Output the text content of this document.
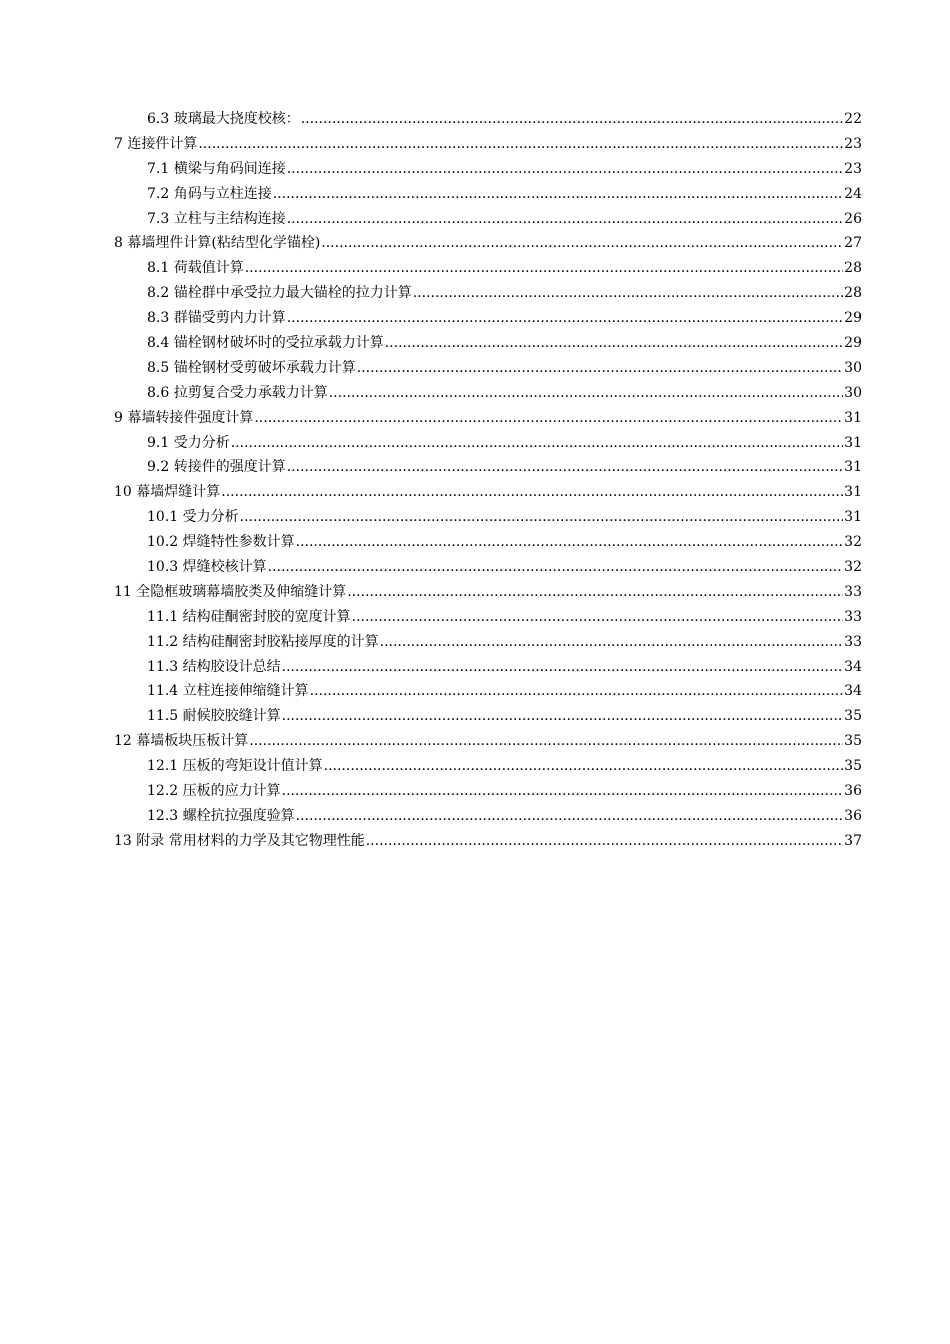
6.3 玻璃最大挠度校核： .....	22
7 连接件计算 .....	23
7.1 横梁与角码间连接 .....	23
7.2 角码与立柱连接 .....	24
7.3 立柱与主结构连接 .....	26
8 幕墙埋件计算(粘结型化学锚栓) .....	27
8.1 荷载值计算 .....	28
8.2 锚栓群中承受拉力最大锚栓的拉力计算 .....	28
8.3 群锚受剪内力计算 .....	29
8.4 锚栓钢材破坏时的受拉承载力计算 .....	29
8.5 锚栓钢材受剪破坏承载力计算 .....	30
8.6 拉剪复合受力承载力计算 .....	30
9 幕墙转接件强度计算 .....	31
9.1 受力分析 .....	31
9.2 转接件的强度计算 .....	31
10 幕墙焊缝计算 .....	31
10.1 受力分析 .....	31
10.2 焊缝特性参数计算 .....	32
10.3 焊缝校核计算 .....	32
11 全隐框玻璃幕墙胶类及伸缩缝计算 .....	33
11.1 结构硅酮密封胶的宽度计算 .....	33
11.2 结构硅酮密封胶粘接厚度的计算 .....	33
11.3 结构胶设计总结 .....	34
11.4 立柱连接伸缩缝计算 .....	34
11.5 耐候胶胶缝计算 .....	35
12 幕墙板块压板计算 .....	35
12.1 压板的弯矩设计值计算 .....	35
12.2 压板的应力计算 .....	36
12.3 螺栓抗拉强度验算 .....	36
13 附录 常用材料的力学及其它物理性能 .....	37
